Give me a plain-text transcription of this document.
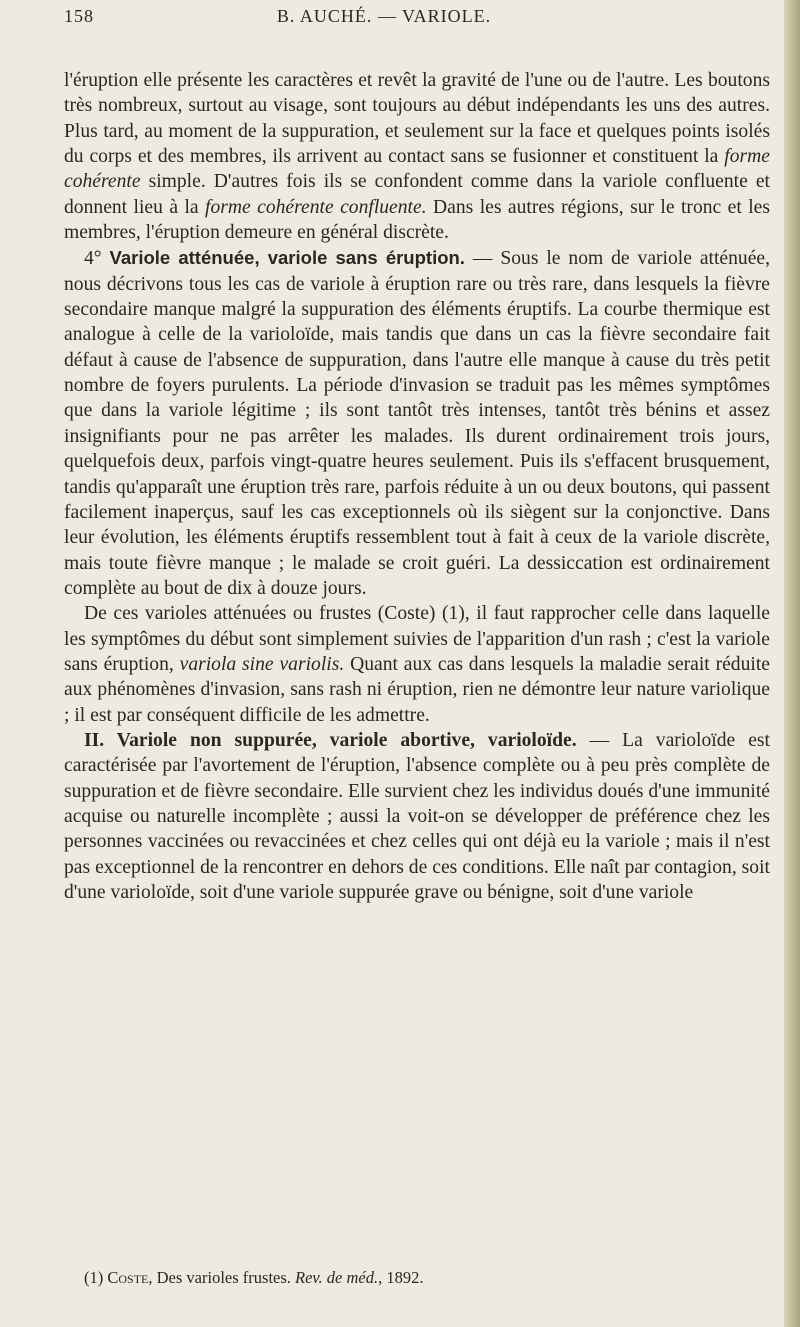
158	B. AUCHÉ. — VARIOLE.

l'éruption elle présente les caractères et revêt la gravité de l'une ou de l'autre. Les boutons très nombreux, surtout au visage, sont toujours au début indépendants les uns des autres. Plus tard, au moment de la suppuration, et seulement sur la face et quelques points isolés du corps et des membres, ils arrivent au contact sans se fusionner et constituent la forme cohérente simple. D'autres fois ils se confondent comme dans la variole confluente et donnent lieu à la forme cohérente confluente. Dans les autres régions, sur le tronc et les membres, l'éruption demeure en général discrète.

4° Variole atténuée, variole sans éruption. — Sous le nom de variole atténuée, nous décrivons tous les cas de variole à éruption rare ou très rare, dans lesquels la fièvre secondaire manque malgré la suppuration des éléments éruptifs. La courbe thermique est analogue à celle de la varioloïde, mais tandis que dans un cas la fièvre secondaire fait défaut à cause de l'absence de suppuration, dans l'autre elle manque à cause du très petit nombre de foyers purulents. La période d'invasion se traduit pas les mêmes symptômes que dans la variole légitime ; ils sont tantôt très intenses, tantôt très bénins et assez insignifiants pour ne pas arrêter les malades. Ils durent ordinairement trois jours, quelquefois deux, parfois vingt-quatre heures seulement. Puis ils s'effacent brusquement, tandis qu'apparaît une éruption très rare, parfois réduite à un ou deux boutons, qui passent facilement inaperçus, sauf les cas exceptionnels où ils siègent sur la conjonctive. Dans leur évolution, les éléments éruptifs ressemblent tout à fait à ceux de la variole discrète, mais toute fièvre manque ; le malade se croit guéri. La dessiccation est ordinairement complète au bout de dix à douze jours.

De ces varioles atténuées ou frustes (Coste) (1), il faut rapprocher celle dans laquelle les symptômes du début sont simplement suivies de l'apparition d'un rash ; c'est la variole sans éruption, variola sine variolis. Quant aux cas dans lesquels la maladie serait réduite aux phénomènes d'invasion, sans rash ni éruption, rien ne démontre leur nature variolique ; il est par conséquent difficile de les admettre.

II. Variole non suppurée, variole abortive, varioloïde. — La varioloïde est caractérisée par l'avortement de l'éruption, l'absence complète ou à peu près complète de suppuration et de fièvre secondaire. Elle survient chez les individus doués d'une immunité acquise ou naturelle incomplète ; aussi la voit-on se développer de préférence chez les personnes vaccinées ou revaccinées et chez celles qui ont déjà eu la variole ; mais il n'est pas exceptionnel de la rencontrer en dehors de ces conditions. Elle naît par contagion, soit d'une varioloïde, soit d'une variole suppurée grave ou bénigne, soit d'une variole

(1) Coste, Des varioles frustes. Rev. de méd., 1892.
